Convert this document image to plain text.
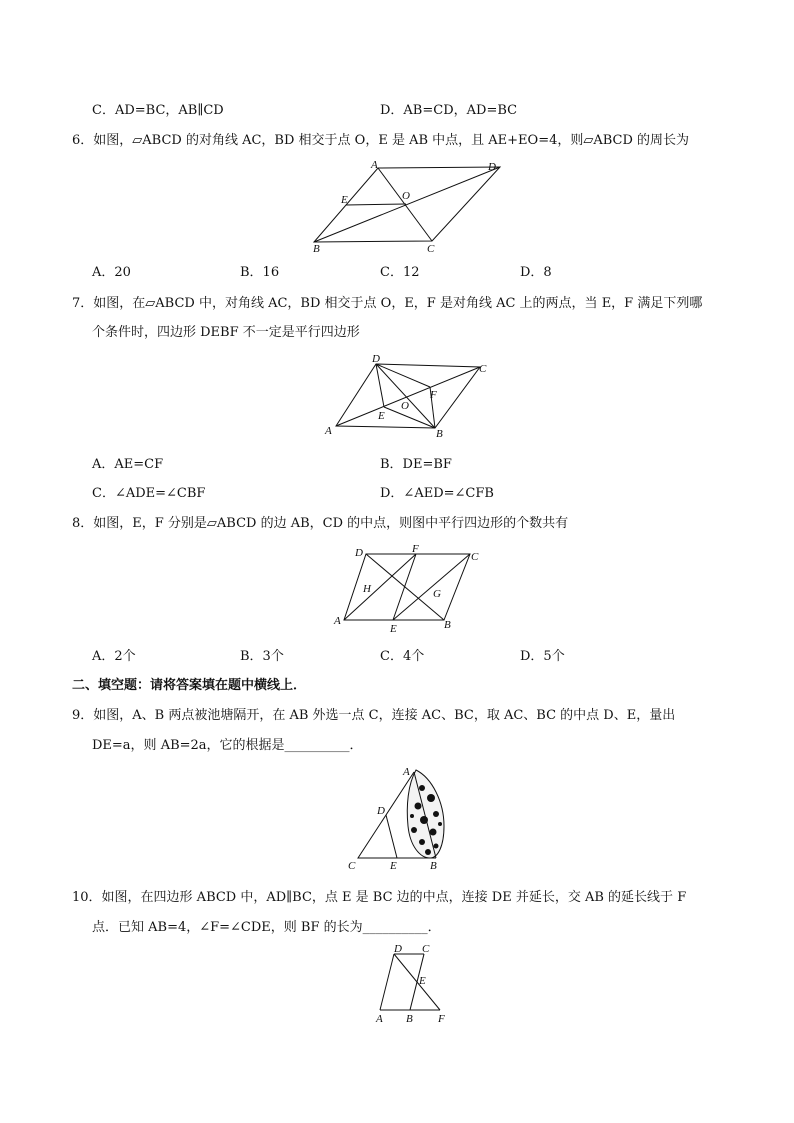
C．AD=BC，AB∥CD	D．AB=CD，AD=BC
6．如图，▱ABCD 的对角线 AC，BD 相交于点 O，E 是 AB 中点，且 AE+EO=4，则▱ABCD 的周长为
A	D
E	O
B	C
A．20	B．16	C．12	D．8
7．如图，在▱ABCD 中，对角线 AC，BD 相交于点 O，E，F 是对角线 AC 上的两点，当 E，F 满足下列哪
个条件时，四边形 DEBF 不一定是平行四边形
D
C
F
O
E
A	B
A．AE=CF	B．DE=BF
C．∠ADE=∠CBF	D．∠AED=∠CFB
8．如图，E，F 分别是▱ABCD 的边 AB，CD 的中点，则图中平行四边形的个数共有
D	F
C
H	G
A
E	B
A．2个	B．3个	C．4个	D．5个
二、填空题：请将答案填在题中横线上．
9．如图，A、B 两点被池塘隔开，在 AB 外选一点 C，连接 AC、BC，取 AC、BC 的中点 D、E，量出
DE=a，则 AB=2a，它的根据是__________．
A
D
C	E	B
10．如图，在四边形 ABCD 中，AD∥BC，点 E 是 BC 边的中点，连接 DE 并延长，交 AB 的延长线于 F
点．已知 AB=4，∠F=∠CDE，则 BF 的长为__________．
D C
E
A B F
